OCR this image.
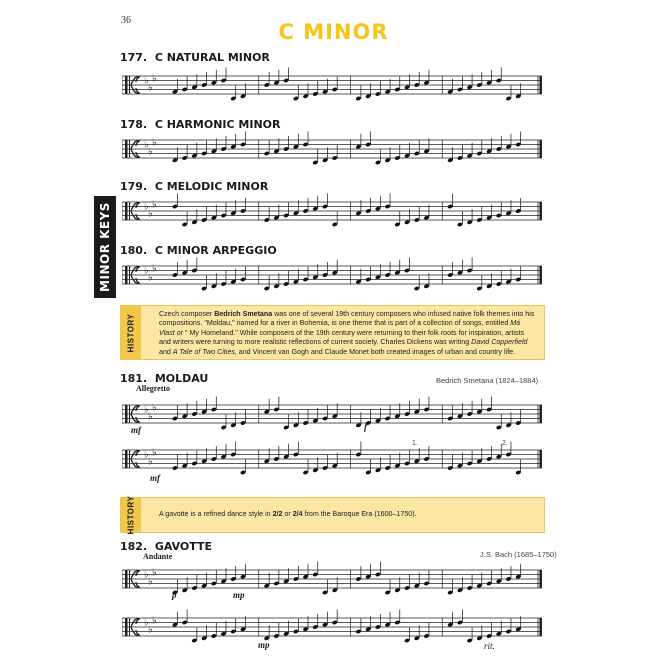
36	C MINOR
MINOR KEYS
177. C NATURAL MINOR
♭
♭
♭
178. C HARMONIC MINOR
♭
♭
♭
179. C MELODIC MINOR
♭
♭
♭
180. C MINOR ARPEGGIO
♭
♭
♭
HISTORY	Czech composer Bedrich Smetana was one of several 19th century composers who infused native folk themes into his compositions. "Moldau," named for a river in Bohemia, is one theme that is part of a collection of songs, entitled Má Vlast or " My Homeland." While composers of the 19th century were returning to their folk roots for inspiration, artists and writers were turning to more realistic reflections of current society. Charles Dickens was writing David Copperfield and A Tale of Two Cities, and Vincent van Gogh and Claude Monet both created images of urban and country life.
181. MOLDAU	Bedrich Smetana (1824–1884)
Allegretto
♭
♭
♭
mf	f
♭
♭
♭
1.	2.
mf
HISTORY	A gavotte is a refined dance style in 2/2 or 2/4 from the Baroque Era (1600–1750).
182. GAVOTTE
J.S. Bach (1685–1750)
Andante
♭
♭
♭
p	mp
♭
♭
♭
mp	rit.
